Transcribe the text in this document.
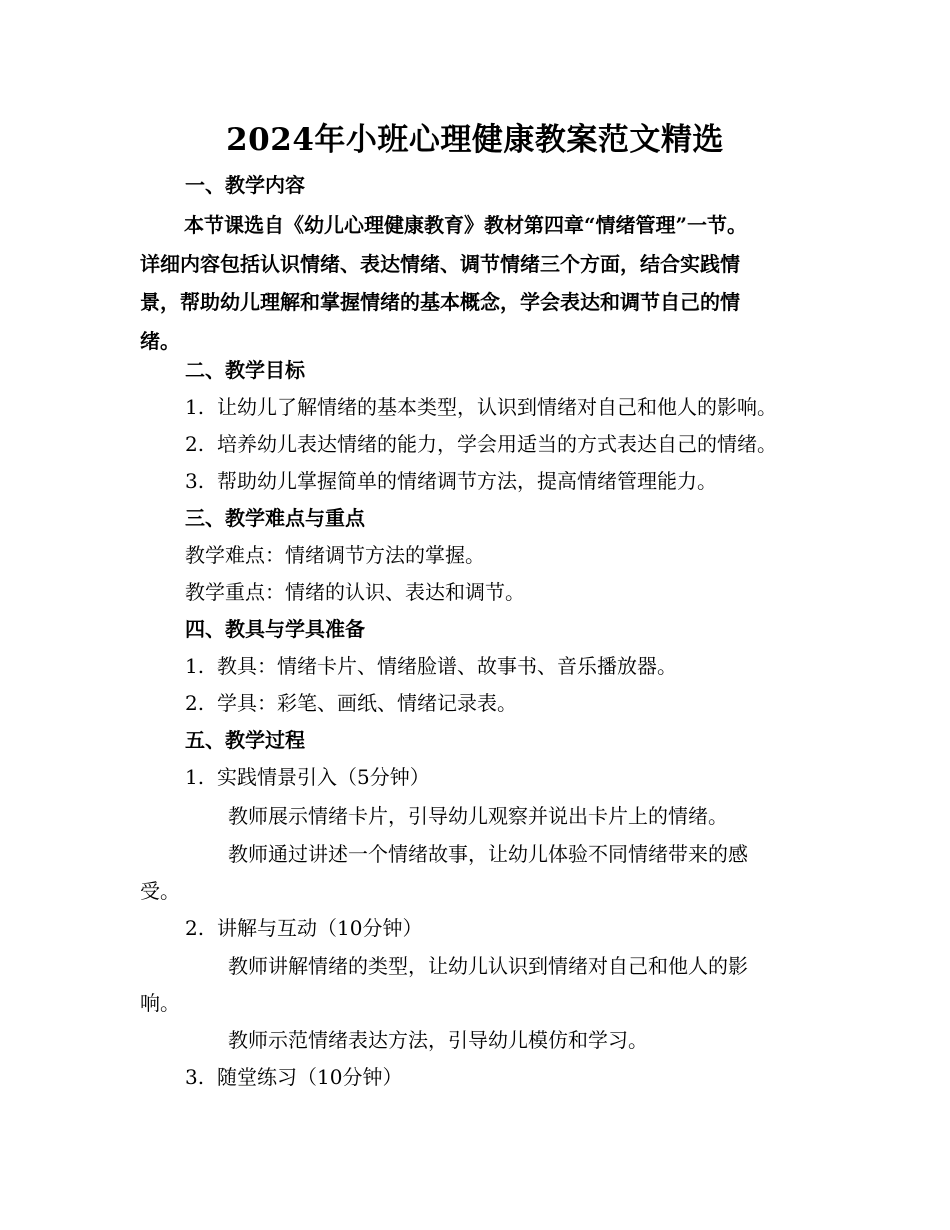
2024年小班心理健康教案范文精选
一、教学内容
本节课选自《幼儿心理健康教育》教材第四章“情绪管理”一节。
详细内容包括认识情绪、表达情绪、调节情绪三个方面，结合实践情
景，帮助幼儿理解和掌握情绪的基本概念，学会表达和调节自己的情
绪。
二、教学目标
1. 让幼儿了解情绪的基本类型，认识到情绪对自己和他人的影响。
2. 培养幼儿表达情绪的能力，学会用适当的方式表达自己的情绪。
3. 帮助幼儿掌握简单的情绪调节方法，提高情绪管理能力。
三、教学难点与重点
教学难点：情绪调节方法的掌握。
教学重点：情绪的认识、表达和调节。
四、教具与学具准备
1. 教具：情绪卡片、情绪脸谱、故事书、音乐播放器。
2. 学具：彩笔、画纸、情绪记录表。
五、教学过程
1. 实践情景引入（5分钟）
教师展示情绪卡片，引导幼儿观察并说出卡片上的情绪。
教师通过讲述一个情绪故事，让幼儿体验不同情绪带来的感
受。
2. 讲解与互动（10分钟）
教师讲解情绪的类型，让幼儿认识到情绪对自己和他人的影
响。
教师示范情绪表达方法，引导幼儿模仿和学习。
3. 随堂练习（10分钟）
